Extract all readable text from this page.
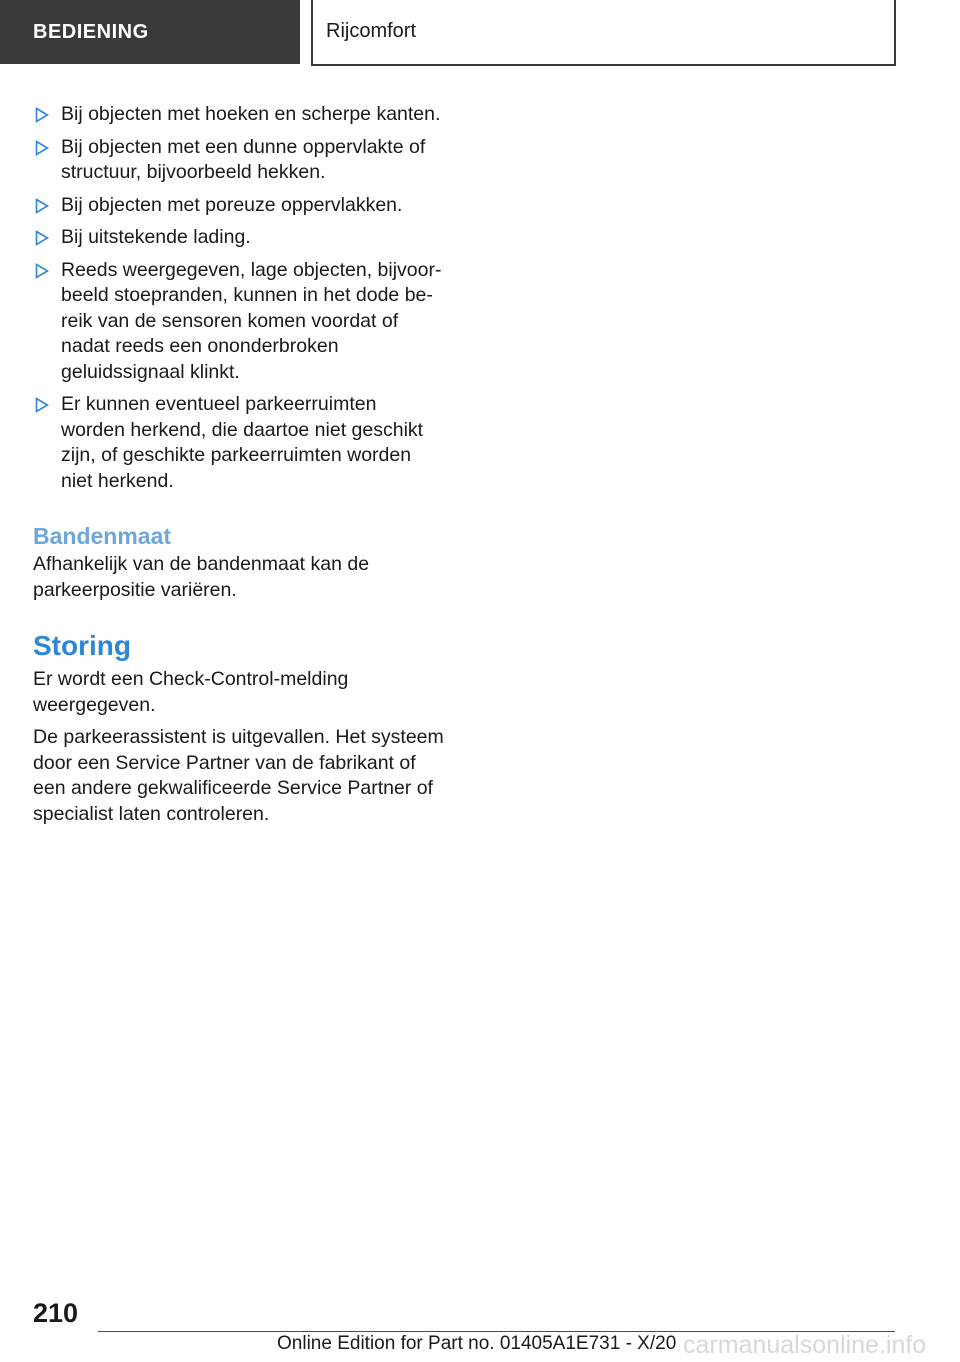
BEDIENING	Rijcomfort
Bij objecten met hoeken en scherpe kanten.
Bij objecten met een dunne oppervlakte of structuur, bijvoorbeeld hekken.
Bij objecten met poreuze oppervlakken.
Bij uitstekende lading.
Reeds weergegeven, lage objecten, bijvoorbeeld stoepranden, kunnen in het dode bereik van de sensoren komen voordat of nadat reeds een ononderbroken geluidssignaal klinkt.
Er kunnen eventueel parkeerruimten worden herkend, die daartoe niet geschikt zijn, of geschikte parkeerruimten worden niet herkend.
Bandenmaat

Afhankelijk van de bandenmaat kan de parkeerpositie variëren.

Storing

Er wordt een Check-Control-melding weergegeven.

De parkeerassistent is uitgevallen. Het systeem door een Service Partner van de fabrikant of een andere gekwalificeerde Service Partner of specialist laten controleren.

210
Online Edition for Part no. 01405A1E731 - X/20 carmanualsonline.info
